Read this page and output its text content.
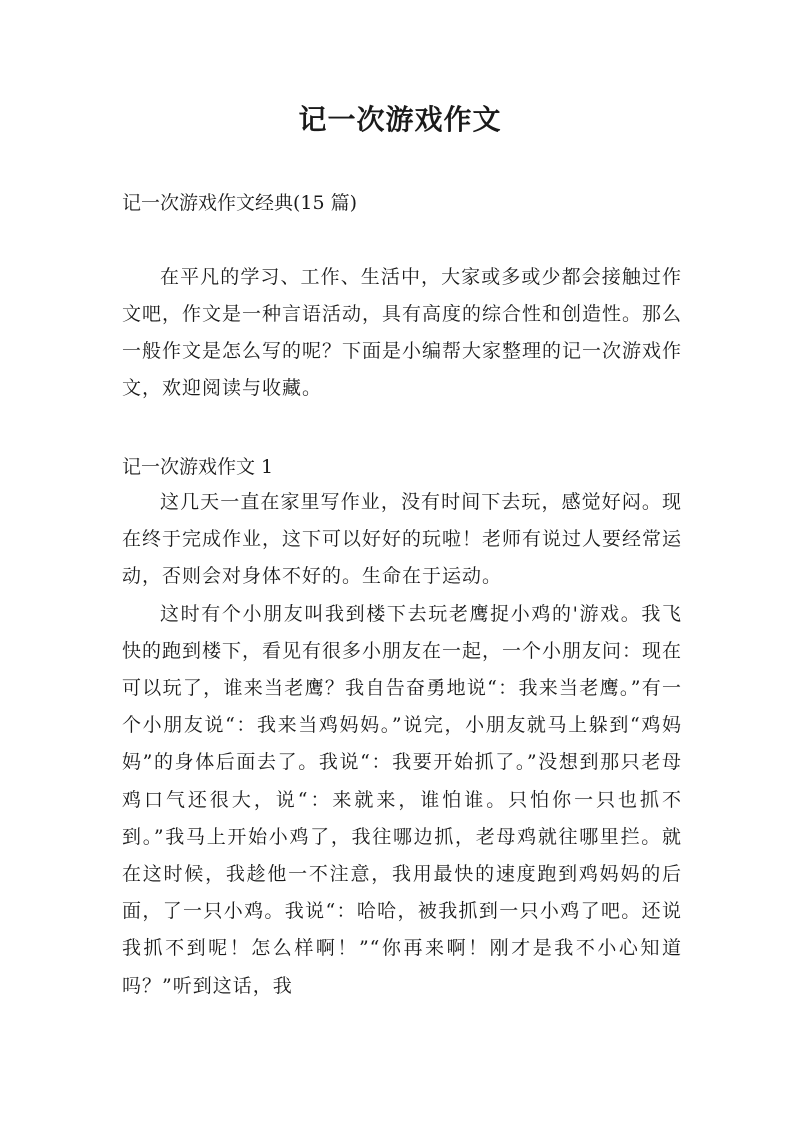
记一次游戏作文
记一次游戏作文经典(15 篇)
在平凡的学习、工作、生活中，大家或多或少都会接触过作文吧，作文是一种言语活动，具有高度的综合性和创造性。那么一般作文是怎么写的呢？下面是小编帮大家整理的记一次游戏作文，欢迎阅读与收藏。
记一次游戏作文 1

这几天一直在家里写作业，没有时间下去玩，感觉好闷。现在终于完成作业，这下可以好好的玩啦！老师有说过人要经常运动，否则会对身体不好的。生命在于运动。

这时有个小朋友叫我到楼下去玩老鹰捉小鸡的'游戏。我飞快的跑到楼下，看见有很多小朋友在一起，一个小朋友问：现在可以玩了，谁来当老鹰？我自告奋勇地说“：我来当老鹰。”有一个小朋友说“：我来当鸡妈妈。”说完，小朋友就马上躲到“鸡妈妈”的身体后面去了。我说“：我要开始抓了。”没想到那只老母鸡口气还很大，说“：来就来，谁怕谁。只怕你一只也抓不到。”我马上开始小鸡了，我往哪边抓，老母鸡就往哪里拦。就在这时候，我趁他一不注意，我用最快的速度跑到鸡妈妈的后面，了一只小鸡。我说“：哈哈，被我抓到一只小鸡了吧。还说我抓不到呢！怎么样啊！”“你再来啊！刚才是我不小心知道吗？”听到这话，我
